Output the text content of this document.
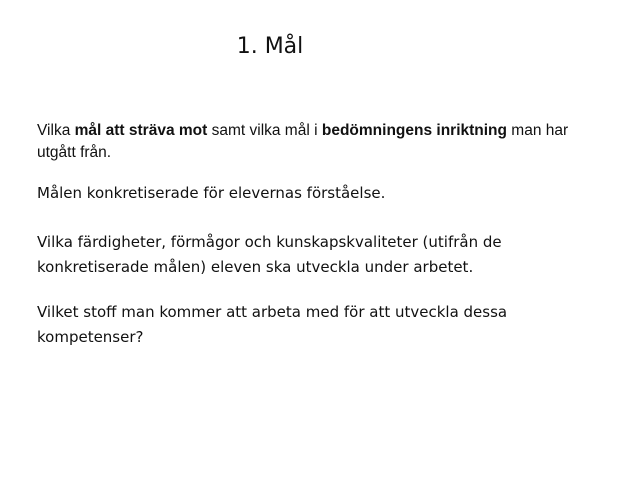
1. Mål

Vilka mål att sträva mot samt vilka mål i bedömningens inriktning man har utgått från.

Målen konkretiserade för elevernas förståelse.

Vilka färdigheter, förmågor och kunskapskvaliteter (utifrån de konkretiserade målen) eleven ska utveckla under arbetet.

Vilket stoff man kommer att arbeta med för att utveckla dessa kompetenser?
